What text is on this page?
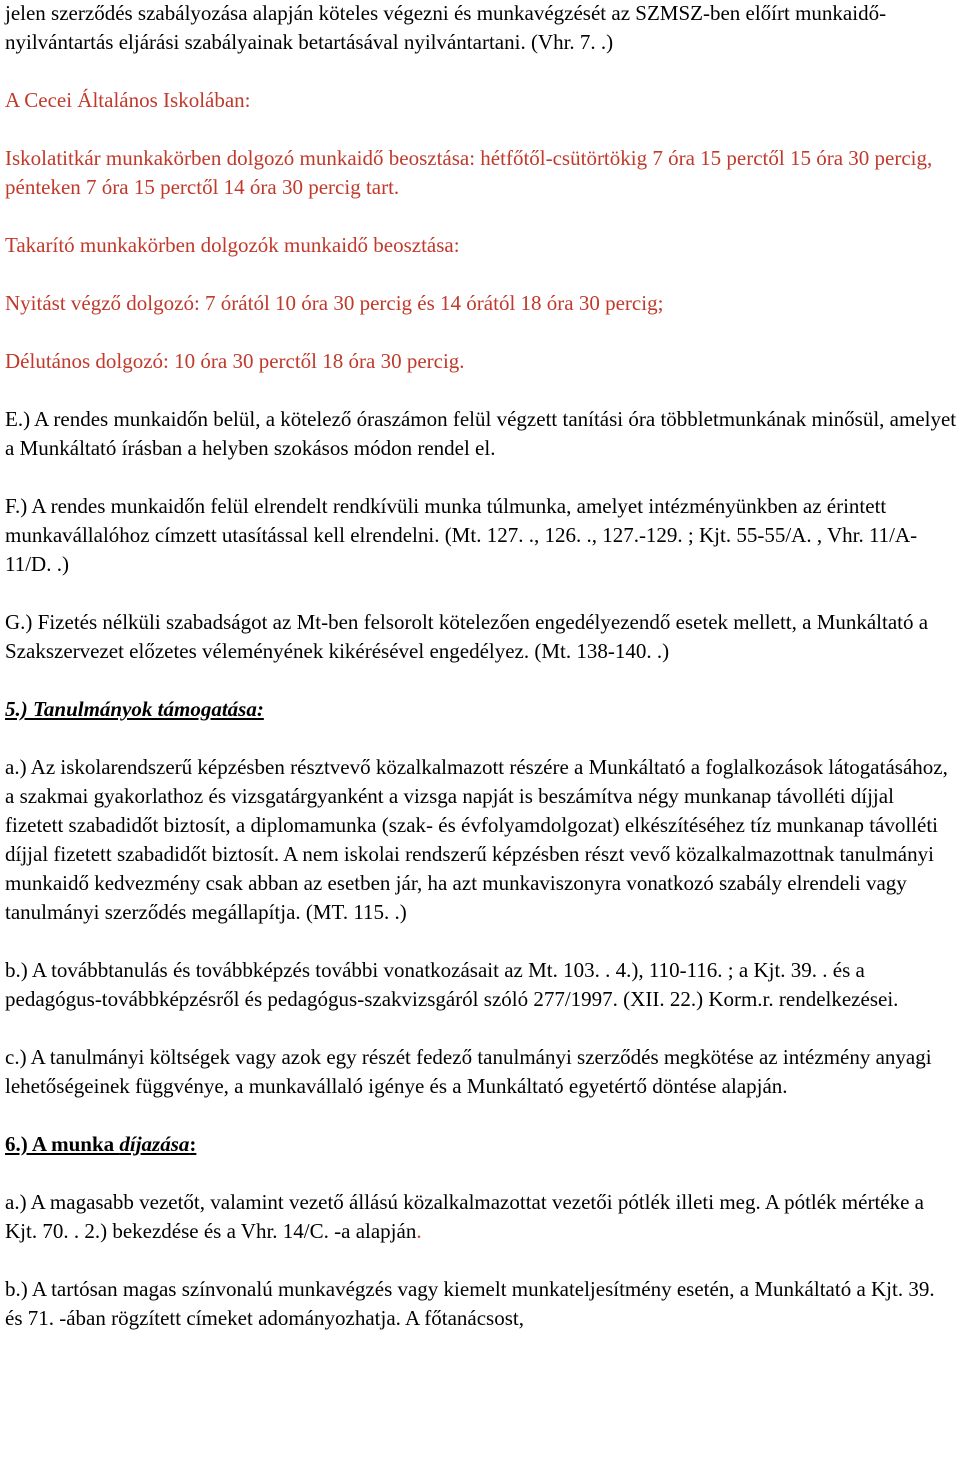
jelen szerződés szabályozása alapján köteles végezni és munkavégzését az SZMSZ-ben előírt munkaidő-nyilvántartás eljárási szabályainak betartásával nyilvántartani. (Vhr. 7. .)

A Cecei Általános Iskolában:

Iskolatitkár munkakörben dolgozó munkaidő beosztása: hétfőtől-csütörtökig 7 óra 15 perctől 15 óra 30 percig, pénteken 7 óra 15 perctől 14 óra 30 percig tart.

Takarító munkakörben dolgozók munkaidő beosztása:

Nyitást végző dolgozó: 7 órától 10 óra 30 percig és 14 órától 18 óra 30 percig;

Délutános dolgozó: 10 óra 30 perctől 18 óra 30 percig.

E.) A rendes munkaidőn belül, a kötelező óraszámon felül végzett tanítási óra többletmunkának minősül, amelyet a Munkáltató írásban a helyben szokásos módon rendel el.

F.) A rendes munkaidőn felül elrendelt rendkívüli munka túlmunka, amelyet intézményünkben az érintett munkavállalóhoz címzett utasítással kell elrendelni. (Mt. 127. ., 126. ., 127.-129. ; Kjt. 55-55/A. , Vhr. 11/A-11/D. .)

G.) Fizetés nélküli szabadságot az Mt-ben felsorolt kötelezően engedélyezendő esetek mellett, a Munkáltató a Szakszervezet előzetes véleményének kikérésével engedélyez. (Mt. 138-140. .)

5.) Tanulmányok támogatása:

a.) Az iskolarendszerű képzésben résztvevő közalkalmazott részére a Munkáltató a foglalkozások látogatásához, a szakmai gyakorlathoz és vizsgatárgyanként a vizsga napját is beszámítva négy munkanap távolléti díjjal fizetett szabadidőt biztosít, a diplomamunka (szak- és évfolyamdolgozat) elkészítéséhez tíz munkanap távolléti díjjal fizetett szabadidőt biztosít. A nem iskolai rendszerű képzésben részt vevő közalkalmazottnak tanulmányi munkaidő kedvezmény csak abban az esetben jár, ha azt munkaviszonyra vonatkozó szabály elrendeli vagy tanulmányi szerződés megállapítja. (MT. 115. .)

b.) A továbbtanulás és továbbképzés további vonatkozásait az Mt. 103. . 4.), 110-116. ; a Kjt. 39. . és a pedagógus-továbbképzésről és pedagógus-szakvizsgáról szóló 277/1997. (XII. 22.) Korm.r. rendelkezései.

c.) A tanulmányi költségek vagy azok egy részét fedező tanulmányi szerződés megkötése az intézmény anyagi lehetőségeinek függvénye, a munkavállaló igénye és a Munkáltató egyetértő döntése alapján.

6.) A munka díjazása:

a.) A magasabb vezetőt, valamint vezető állású közalkalmazottat vezetői pótlék illeti meg. A pótlék mértéke a Kjt. 70. . 2.) bekezdése és a Vhr. 14/C. -a alapján.

b.) A tartósan magas színvonalú munkavégzés vagy kiemelt munkateljesítmény esetén, a Munkáltató a Kjt. 39. és 71. -ában rögzített címeket adományozhatja. A főtanácsost,
